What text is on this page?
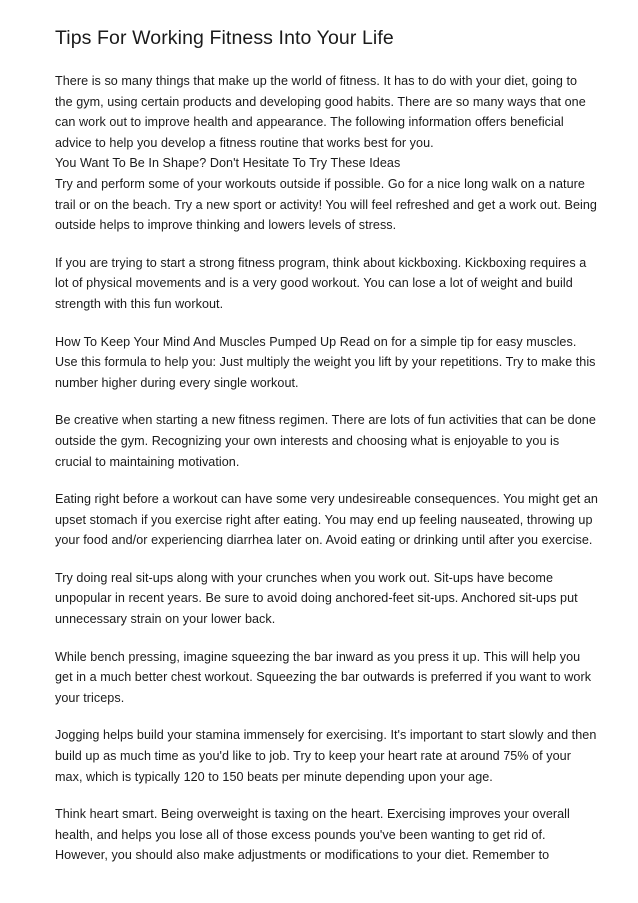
Tips For Working Fitness Into Your Life

There is so many things that make up the world of fitness. It has to do with your diet, going to the gym, using certain products and developing good habits. There are so many ways that one can work out to improve health and appearance. The following information offers beneficial advice to help you develop a fitness routine that works best for you.

You Want To Be In Shape? Don't Hesitate To Try These Ideas

Try and perform some of your workouts outside if possible. Go for a nice long walk on a nature trail or on the beach. Try a new sport or activity! You will feel refreshed and get a work out. Being outside helps to improve thinking and lowers levels of stress.

If you are trying to start a strong fitness program, think about kickboxing. Kickboxing requires a lot of physical movements and is a very good workout. You can lose a lot of weight and build strength with this fun workout.

How To Keep Your Mind And Muscles Pumped Up Read on for a simple tip for easy muscles. Use this formula to help you: Just multiply the weight you lift by your repetitions. Try to make this number higher during every single workout.

Be creative when starting a new fitness regimen. There are lots of fun activities that can be done outside the gym. Recognizing your own interests and choosing what is enjoyable to you is crucial to maintaining motivation.

Eating right before a workout can have some very undesireable consequences. You might get an upset stomach if you exercise right after eating. You may end up feeling nauseated, throwing up your food and/or experiencing diarrhea later on. Avoid eating or drinking until after you exercise.

Try doing real sit-ups along with your crunches when you work out. Sit-ups have become unpopular in recent years. Be sure to avoid doing anchored-feet sit-ups. Anchored sit-ups put unnecessary strain on your lower back.

While bench pressing, imagine squeezing the bar inward as you press it up. This will help you get in a much better chest workout. Squeezing the bar outwards is preferred if you want to work your triceps.

Jogging helps build your stamina immensely for exercising. It's important to start slowly and then build up as much time as you'd like to job. Try to keep your heart rate at around 75% of your max, which is typically 120 to 150 beats per minute depending upon your age.

Think heart smart. Being overweight is taxing on the heart. Exercising improves your overall health, and helps you lose all of those excess pounds you've been wanting to get rid of. However, you should also make adjustments or modifications to your diet. Remember to
